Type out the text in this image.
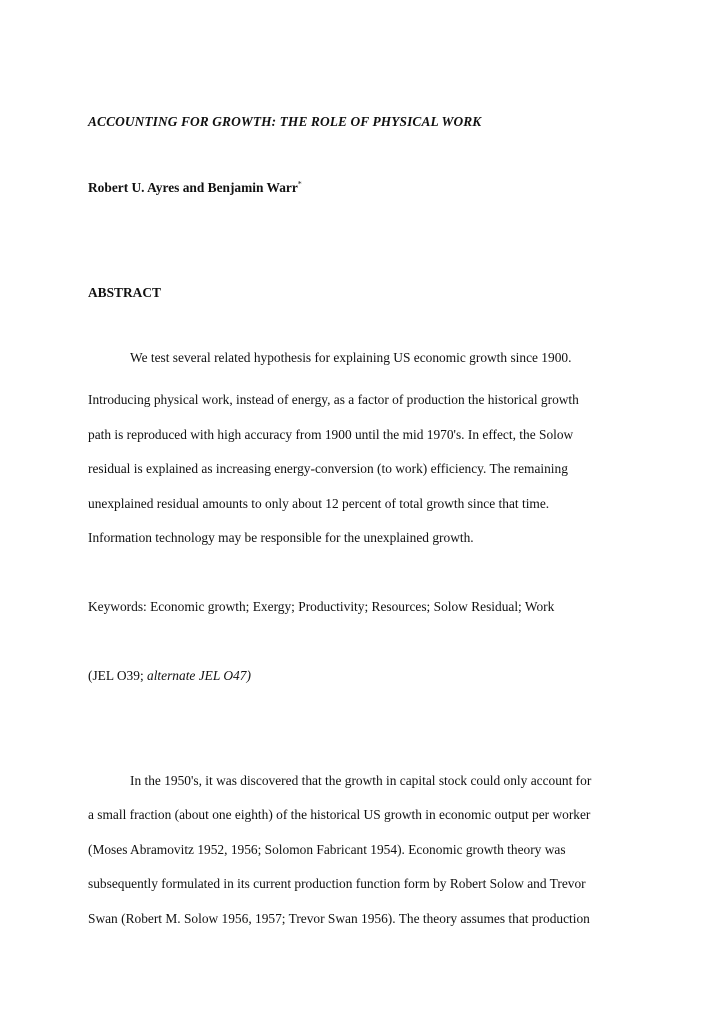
ACCOUNTING FOR GROWTH: THE ROLE OF PHYSICAL WORK
Robert U. Ayres and Benjamin Warr*
ABSTRACT
We test several related hypothesis for explaining US economic growth since 1900.
Introducing physical work, instead of energy, as a factor of production the historical growth
path is reproduced with high accuracy from 1900 until the mid 1970's. In effect, the Solow
residual is explained as increasing energy-conversion (to work) efficiency. The remaining
unexplained residual amounts to only about 12 percent of total growth since that time.
Information technology may be responsible for the unexplained growth.
Keywords: Economic growth; Exergy; Productivity; Resources; Solow Residual; Work
(JEL O39; alternate JEL O47)
In the 1950's, it was discovered that the growth in capital stock could only account for
a small fraction (about one eighth) of the historical US growth in economic output per worker
(Moses Abramovitz 1952, 1956; Solomon Fabricant 1954). Economic growth theory was
subsequently formulated in its current production function form by Robert Solow and Trevor
Swan (Robert M. Solow 1956, 1957; Trevor Swan 1956). The theory assumes that production
